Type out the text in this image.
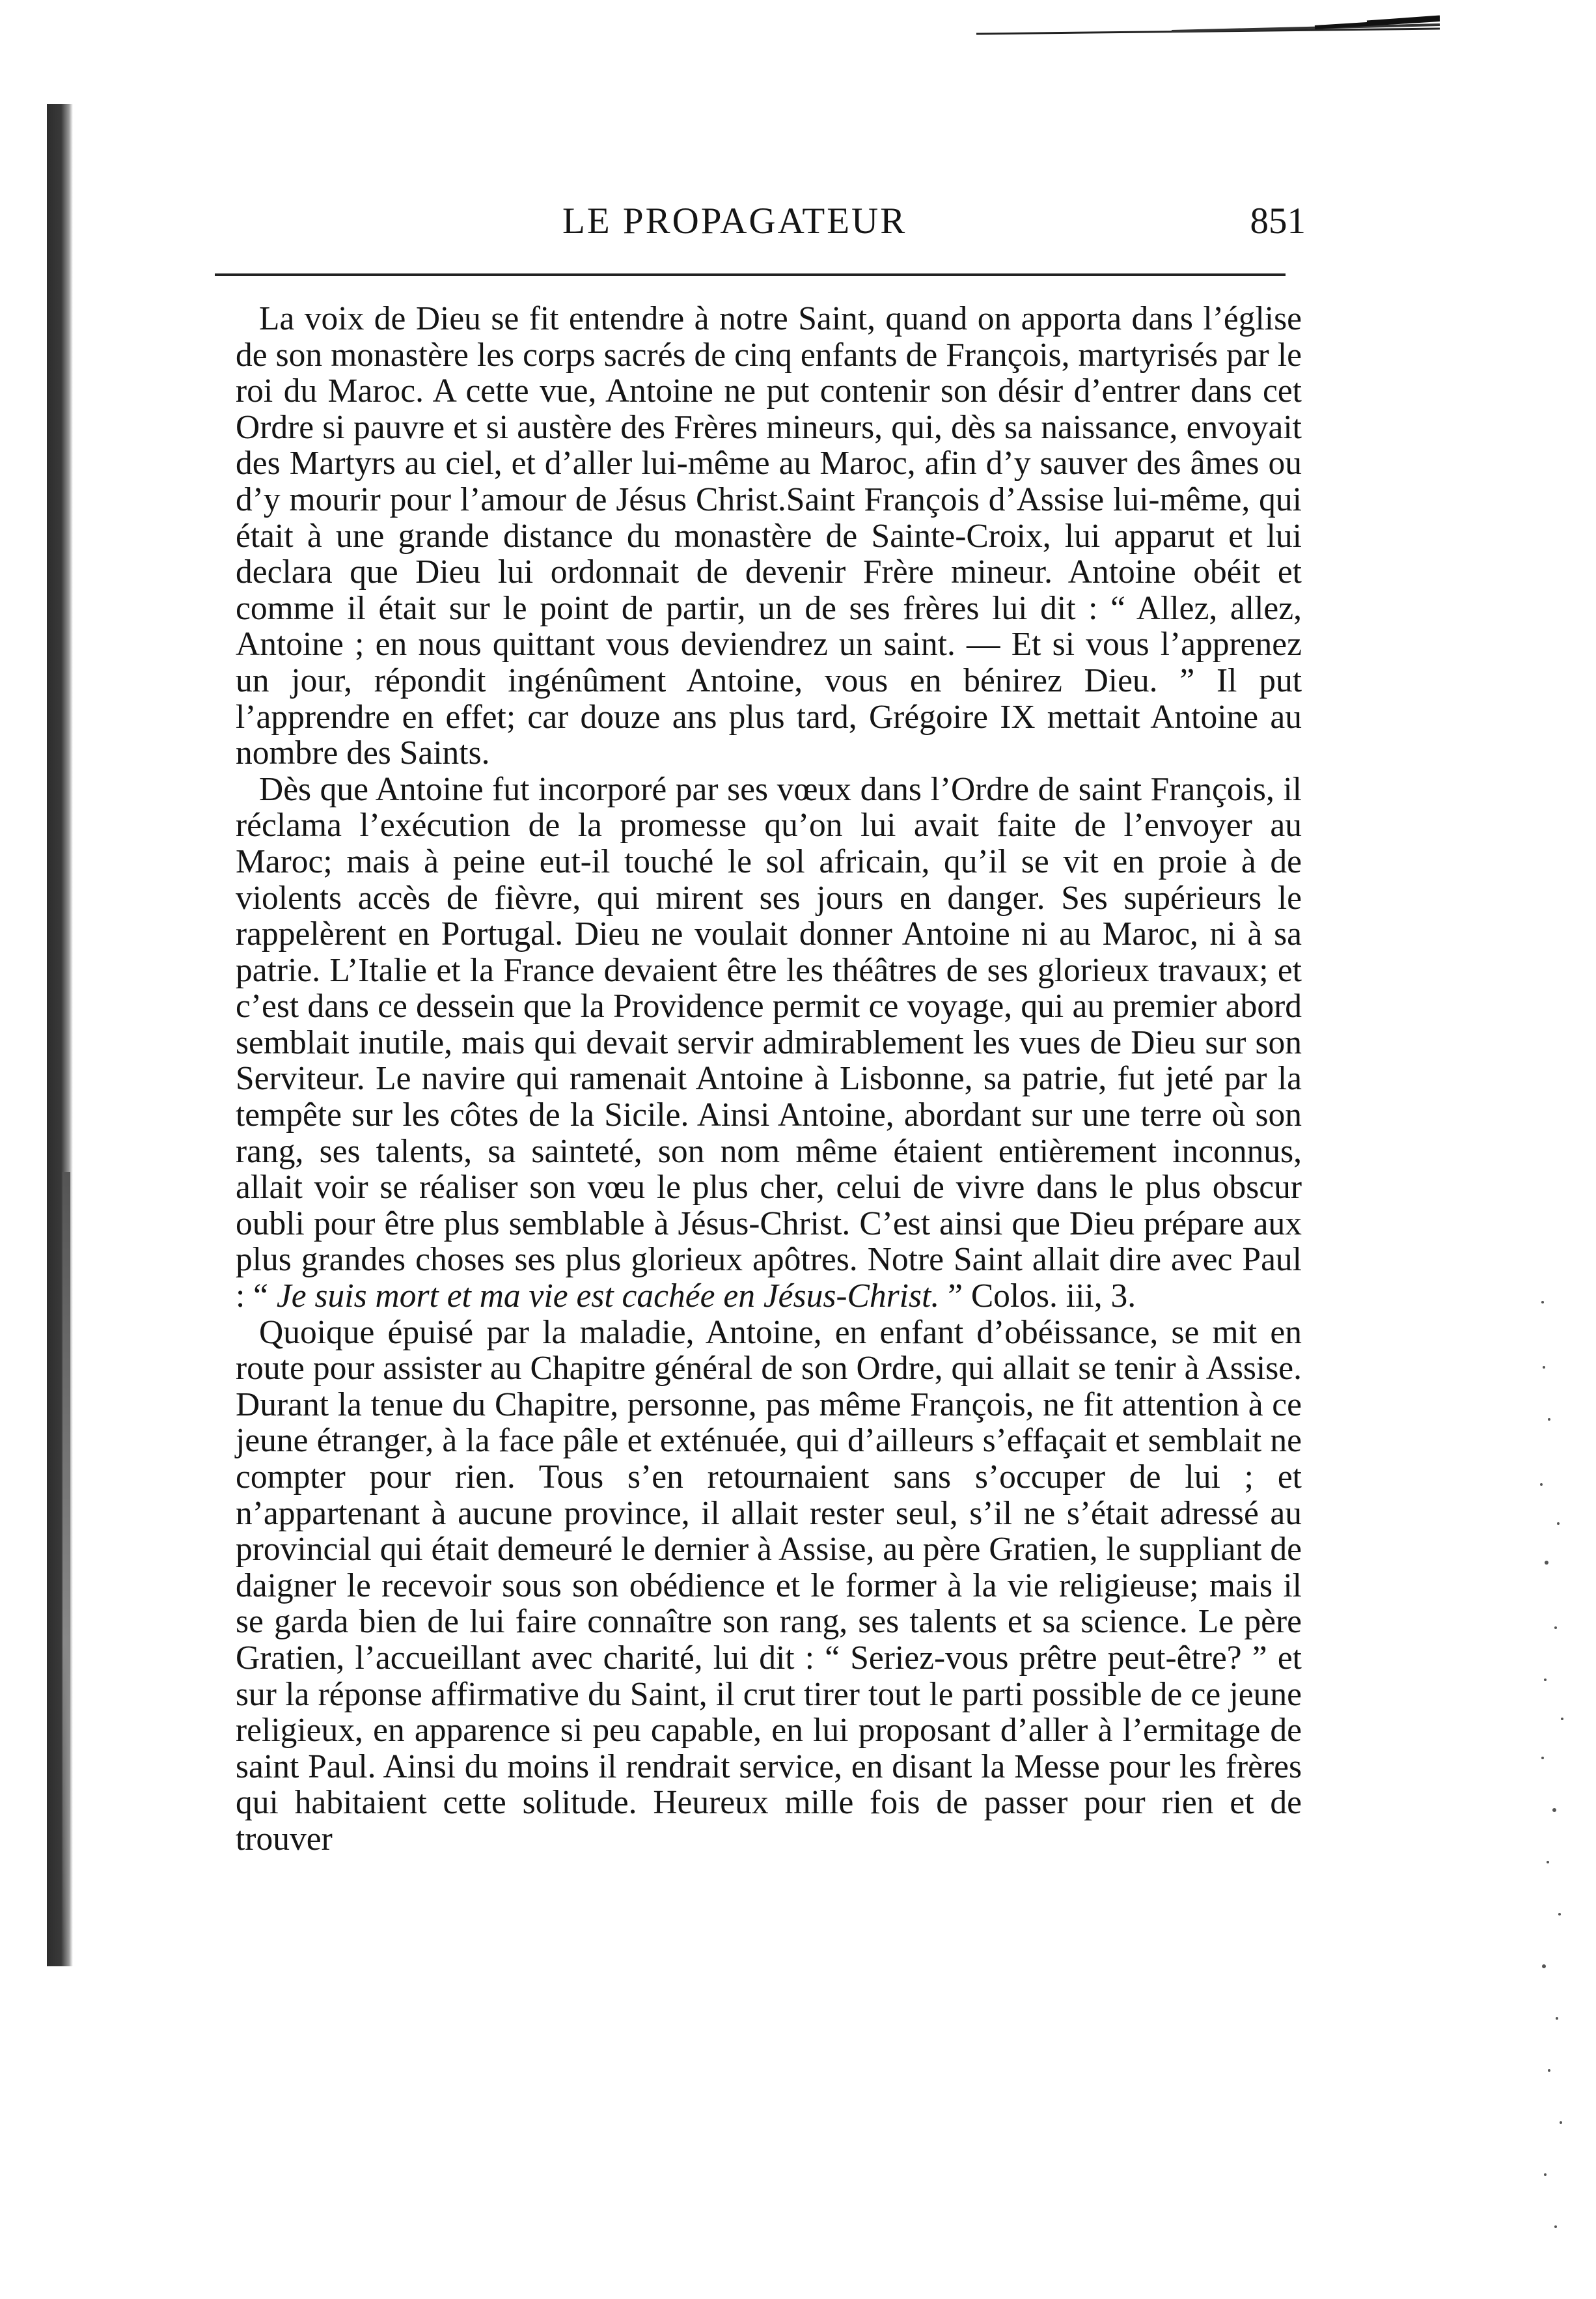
LE PROPAGATEUR	851

La voix de Dieu se fit entendre à notre Saint, quand on apporta dans l’église de son monastère les corps sacrés de cinq enfants de François, martyrisés par le roi du Maroc. A cette vue, Antoine ne put contenir son désir d’entrer dans cet Ordre si pauvre et si austère des Frères mineurs, qui, dès sa naissance, envoyait des Martyrs au ciel, et d’aller lui-même au Maroc, afin d’y sauver des âmes ou d’y mourir pour l’amour de Jésus Christ.Saint François d’Assise lui-même, qui était à une grande distance du monastère de Sainte-Croix, lui apparut et lui declara que Dieu lui ordonnait de devenir Frère mineur. Antoine obéit et comme il était sur le point de partir, un de ses frères lui dit : “ Allez, allez, Antoine ; en nous quittant vous deviendrez un saint. — Et si vous l’apprenez un jour, répondit ingénûment Antoine, vous en bénirez Dieu. ” Il put l’apprendre en effet; car douze ans plus tard, Grégoire IX mettait Antoine au nombre des Saints.

Dès que Antoine fut incorporé par ses vœux dans l’Ordre de saint François, il réclama l’exécution de la promesse qu’on lui avait faite de l’envoyer au Maroc; mais à peine eut-il touché le sol africain, qu’il se vit en proie à de violents accès de fièvre, qui mirent ses jours en danger. Ses supérieurs le rappelèrent en Portugal. Dieu ne voulait donner Antoine ni au Maroc, ni à sa patrie. L’Italie et la France devaient être les théâtres de ses glorieux travaux; et c’est dans ce dessein que la Providence permit ce voyage, qui au premier abord semblait inutile, mais qui devait servir admirablement les vues de Dieu sur son Serviteur. Le navire qui ramenait Antoine à Lisbonne, sa patrie, fut jeté par la tempête sur les côtes de la Sicile. Ainsi Antoine, abordant sur une terre où son rang, ses talents, sa sainteté, son nom même étaient entièrement inconnus, allait voir se réaliser son vœu le plus cher, celui de vivre dans le plus obscur oubli pour être plus semblable à Jésus-Christ. C’est ainsi que Dieu prépare aux plus grandes choses ses plus glorieux apôtres. Notre Saint allait dire avec Paul : “ Je suis mort et ma vie est cachée en Jésus-Christ. ” Colos. iii, 3.

Quoique épuisé par la maladie, Antoine, en enfant d’obéissance, se mit en route pour assister au Chapitre général de son Ordre, qui allait se tenir à Assise. Durant la tenue du Chapitre, personne, pas même François, ne fit attention à ce jeune étranger, à la face pâle et exténuée, qui d’ailleurs s’effaçait et semblait ne compter pour rien. Tous s’en retournaient sans s’occuper de lui ; et n’appartenant à aucune province, il allait rester seul, s’il ne s’était adressé au provincial qui était demeuré le dernier à Assise, au père Gratien, le suppliant de daigner le recevoir sous son obédience et le former à la vie religieuse; mais il se garda bien de lui faire connaître son rang, ses talents et sa science. Le père Gratien, l’accueillant avec charité, lui dit : “ Seriez-vous prêtre peut-être? ” et sur la réponse affirmative du Saint, il crut tirer tout le parti possible de ce jeune religieux, en apparence si peu capable, en lui proposant d’aller à l’ermitage de saint Paul. Ainsi du moins il rendrait service, en disant la Messe pour les frères qui habitaient cette solitude. Heureux mille fois de passer pour rien et de trouver
